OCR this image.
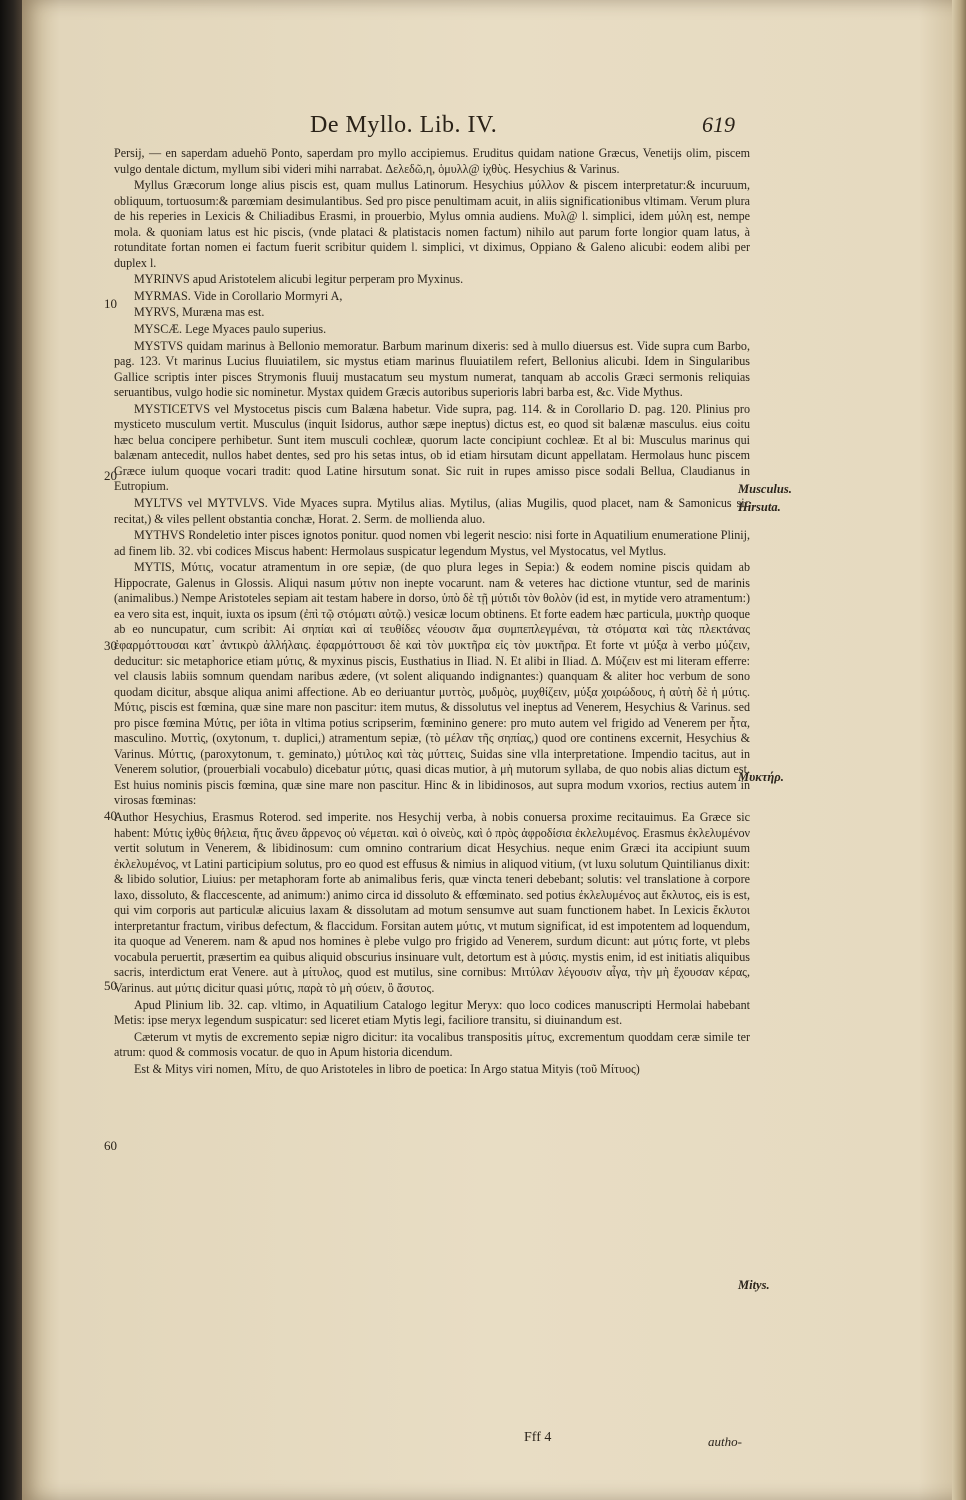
De Myllo. Lib. IV.	619
10
20
30
40
50
60
Musculus.
Hirsuta.
Μυκτήρ.
Mitys.

Persij, — en saperdam aduehö Ponto, saperdam pro myllo accipiemus. Eruditus quidam natione Græcus, Venetijs olim, piscem vulgo dentale dictum, myllum sibi videri mihi narrabat. Δελεδῶ,η, ὁμυλλ@ ἰχθὺς. Hesychius & Varinus.

Myllus Græcorum longe alius piscis est, quam mullus Latinorum. Hesychius μύλλον & piscem interpretatur:& incuruum, obliquum, tortuosum:& parœmiam desimulantibus. Sed pro pisce penultimam acuit, in aliis significationibus vltimam. Verum plura de his reperies in Lexicis & Chiliadibus Erasmi, in prouerbio, Mylus omnia audiens. Μυλ@ l. simplici, idem μύλη est, nempe mola. & quoniam latus est hic piscis, (vnde plataci & platistacis nomen factum) nihilo aut parum forte longior quam latus, à rotunditate fortan nomen ei factum fuerit scribitur quidem l. simplici, vt diximus, Oppiano & Galeno alicubi: eodem alibi per duplex l.

MYRINVS apud Aristotelem alicubi legitur perperam pro Myxinus.

MYRMAS. Vide in Corollario Mormyri A,

MYRVS, Muræna mas est.

MYSCÆ. Lege Myaces paulo superius.

MYSTVS quidam marinus à Bellonio memoratur. Barbum marinum dixeris: sed à mullo diuersus est. Vide supra cum Barbo, pag. 123. Vt marinus Lucius fluuiatilem, sic mystus etiam marinus fluuiatilem refert, Bellonius alicubi. Idem in Singularibus Gallice scriptis inter pisces Strymonis fluuij mustacatum seu mystum numerat, tanquam ab accolis Græci sermonis reliquias seruantibus, vulgo hodie sic nominetur. Mystax quidem Græcis autoribus superioris labri barba est, &c. Vide Mythus.

MYSTICETVS vel Mystocetus piscis cum Balæna habetur. Vide supra, pag. 114. & in Corollario D. pag. 120. Plinius pro mysticeto musculum vertit. Musculus (inquit Isidorus, author sæpe ineptus) dictus est, eo quod sit balænæ masculus. eius coitu hæc belua concipere perhibetur. Sunt item musculi cochleæ, quorum lacte concipiunt cochleæ. Et al bi: Musculus marinus qui balænam antecedit, nullos habet dentes, sed pro his setas intus, ob id etiam hirsutam dicunt appellatam. Hermolaus hunc piscem Græce iulum quoque vocari tradit: quod Latine hirsutum sonat. Sic ruit in rupes amisso pisce sodali Bellua, Claudianus in Eutropium.

MYLTVS vel MYTVLVS. Vide Myaces supra. Mytilus alias. Mytilus, (alias Mugilis, quod placet, nam & Samonicus sic recitat,) & viles pellent obstantia conchæ, Horat. 2. Serm. de mollienda aluo.

MYTHVS Rondeletio inter pisces ignotos ponitur. quod nomen vbi legerit nescio: nisi forte in Aquatilium enumeratione Plinij, ad finem lib. 32. vbi codices Miscus habent: Hermolaus suspicatur legendum Mystus, vel Mystocatus, vel Mytlus.

MYTIS, Μύτις, vocatur atramentum in ore sepiæ, (de quo plura leges in Sepia:) & eodem nomine piscis quidam ab Hippocrate, Galenus in Glossis. Aliqui nasum μύτιν non inepte vocarunt. nam & veteres hac dictione vtuntur, sed de marinis (animalibus.) Nempe Aristoteles sepiam ait testam habere in dorso, ὑπὸ δὲ τῇ μύτιδι τὸν θολὸν (id est, in mytide vero atramentum:) ea vero sita est, inquit, iuxta os ipsum (ἐπὶ τῷ στόματι αὐτῷ.) vesicæ locum obtinens. Et forte eadem hæc particula, μυκτὴρ quoque ab eo nuncupatur, cum scribit: Αἱ σηπίαι καὶ αἱ τευθίδες νέουσιν ἅμα συμπεπλεγμέναι, τὰ στόματα καὶ τὰς πλεκτάνας ἐφαρμόττουσαι κατ᾽ ἀντικρὺ ἀλλήλαις. ἐφαρμόττουσι δὲ καὶ τὸν μυκτῆρα εἰς τὸν μυκτῆρα. Et forte vt μύξα à verbo μύζειν, deducitur: sic metaphorice etiam μύτις, & myxinus piscis, Eusthatius in Iliad. N. Et alibi in Iliad. Δ. Μύζειν est mi literam efferre: vel clausis labiis somnum quendam naribus ædere, (vt solent aliquando indignantes:) quanquam & aliter hoc verbum de sono quodam dicitur, absque aliqua animi affectione. Ab eo deriuantur μυττὸς, μυδμὸς, μυχθίζειν, μύξα χοιρώδους, ἡ αὐτὴ δὲ ἡ μύτις. Μύτις, piscis est fœmina, quæ sine mare non pascitur: item mutus, & dissolutus vel ineptus ad Venerem, Hesychius & Varinus. sed pro pisce fœmina Μύτις, per iôta in vltima potius scripserim, fœminino genere: pro muto autem vel frigido ad Venerem per ἦτα, masculino. Μυττὶς, (oxytonum, τ. duplici,) atramentum sepiæ, (τὸ μέλαν τῆς σηπίας,) quod ore continens excernit, Hesychius & Varinus. Μύττις, (paroxytonum, τ. geminato,) μύτιλος καὶ τὰς μύττεις, Suidas sine vlla interpretatione. Impendio tacitus, aut in Venerem solutior, (prouerbiali vocabulo) dicebatur μύτις, quasi dicas mutior, à μὴ mutorum syllaba, de quo nobis alias dictum est. Est huius nominis piscis fœmina, quæ sine mare non pascitur. Hinc & in libidinosos, aut supra modum vxorios, rectius autem in virosas fœminas:

Author Hesychius, Erasmus Roterod. sed imperite. nos Hesychij verba, à nobis conuersa proxime recitauimus. Ea Græce sic habent: Μύτις ἰχθὺς θήλεια, ἥτις ἄνευ ἄρρενος οὐ νέμεται. καὶ ὁ οἰνεὺς, καὶ ὁ πρὸς ἀφροδίσια ἐκλελυμένος. Erasmus ἐκλελυμένον vertit solutum in Venerem, & libidinosum: cum omnino contrarium dicat Hesychius. neque enim Græci ita accipiunt suum ἐκλελυμένος, vt Latini participium solutus, pro eo quod est effusus & nimius in aliquod vitium, (vt luxu solutum Quintilianus dixit: & libido solutior, Liuius: per metaphoram forte ab animalibus feris, quæ vincta teneri debebant; solutis: vel translatione à corpore laxo, dissoluto, & flaccescente, ad animum:) animo circa id dissoluto & effœminato. sed potius ἐκλελυμένος aut ἔκλυτος, eis is est, qui vim corporis aut particulæ alicuius laxam & dissolutam ad motum sensumve aut suam functionem habet. In Lexicis ἔκλυτοι interpretantur fractum, viribus defectum, & flaccidum. Forsitan autem μύτις, vt mutum significat, id est impotentem ad loquendum, ita quoque ad Venerem. nam & apud nos homines è plebe vulgo pro frigido ad Venerem, surdum dicunt: aut μύτις forte, vt plebs vocabula peruertit, præsertim ea quibus aliquid obscurius insinuare vult, detortum est à μύσις. mystis enim, id est initiatis aliquibus sacris, interdictum erat Venere. aut à μίτυλος, quod est mutilus, sine cornibus: Μιτύλαν λέγουσιν αἶγα, τὴν μὴ ἔχουσαν κέρας, Varinus. aut μύτις dicitur quasi μύτις, παρὰ τὸ μὴ σύειν, ὃ ἄσυτος.

Apud Plinium lib. 32. cap. vltimo, in Aquatilium Catalogo legitur Meryx: quo loco codices manuscripti Hermolai habebant Metis: ipse meryx legendum suspicatur: sed liceret etiam Mytis legi, faciliore transitu, si diuinandum est.

Cæterum vt mytis de excremento sepiæ nigro dicitur: ita vocalibus transpositis μίτυς, excrementum quoddam ceræ simile ter atrum: quod & commosis vocatur. de quo in Apum historia dicendum.

Est & Mitys viri nomen, Μίτυ, de quo Aristoteles in libro de poetica: In Argo statua Mityis (τοῦ Μίτυος)

Fff 4	autho-
